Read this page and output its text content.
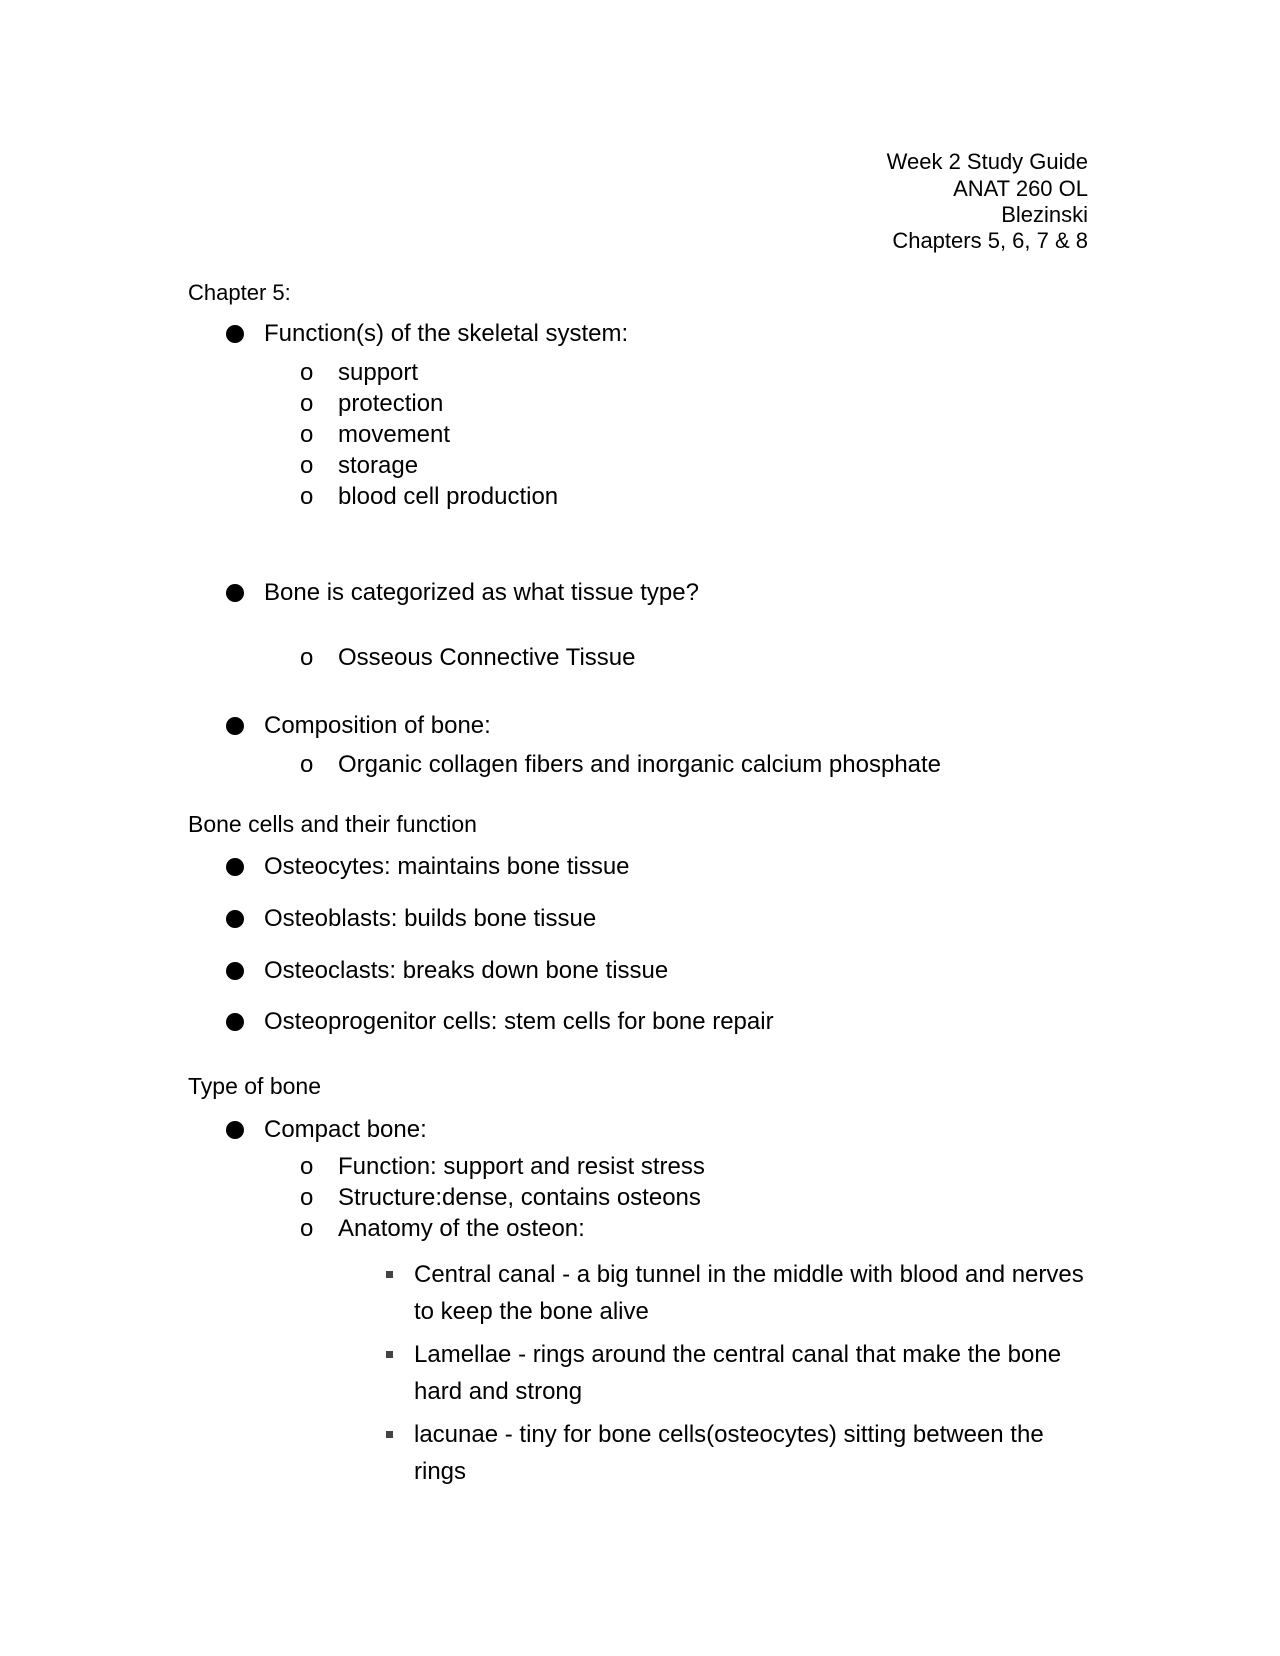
Week 2 Study Guide
ANAT 260 OL
Blezinski
Chapters 5, 6, 7 & 8
Chapter 5:
Function(s) of the skeletal system:
o support
o protection
o movement
o storage
o blood cell production
Bone is categorized as what tissue type?
o Osseous Connective Tissue
Composition of bone:
o Organic collagen fibers and inorganic calcium phosphate
Bone cells and their function
Osteocytes: maintains bone tissue
Osteoblasts: builds bone tissue
Osteoclasts: breaks down bone tissue
Osteoprogenitor cells: stem cells for bone repair
Type of bone
Compact bone:
o Function: support and resist stress
o Structure:dense, contains osteons
o Anatomy of the osteon:
Central canal - a big tunnel in the middle with blood and nerves to keep the bone alive
Lamellae - rings around the central canal that make the bone hard and strong
lacunae - tiny for bone cells(osteocytes) sitting between the rings
